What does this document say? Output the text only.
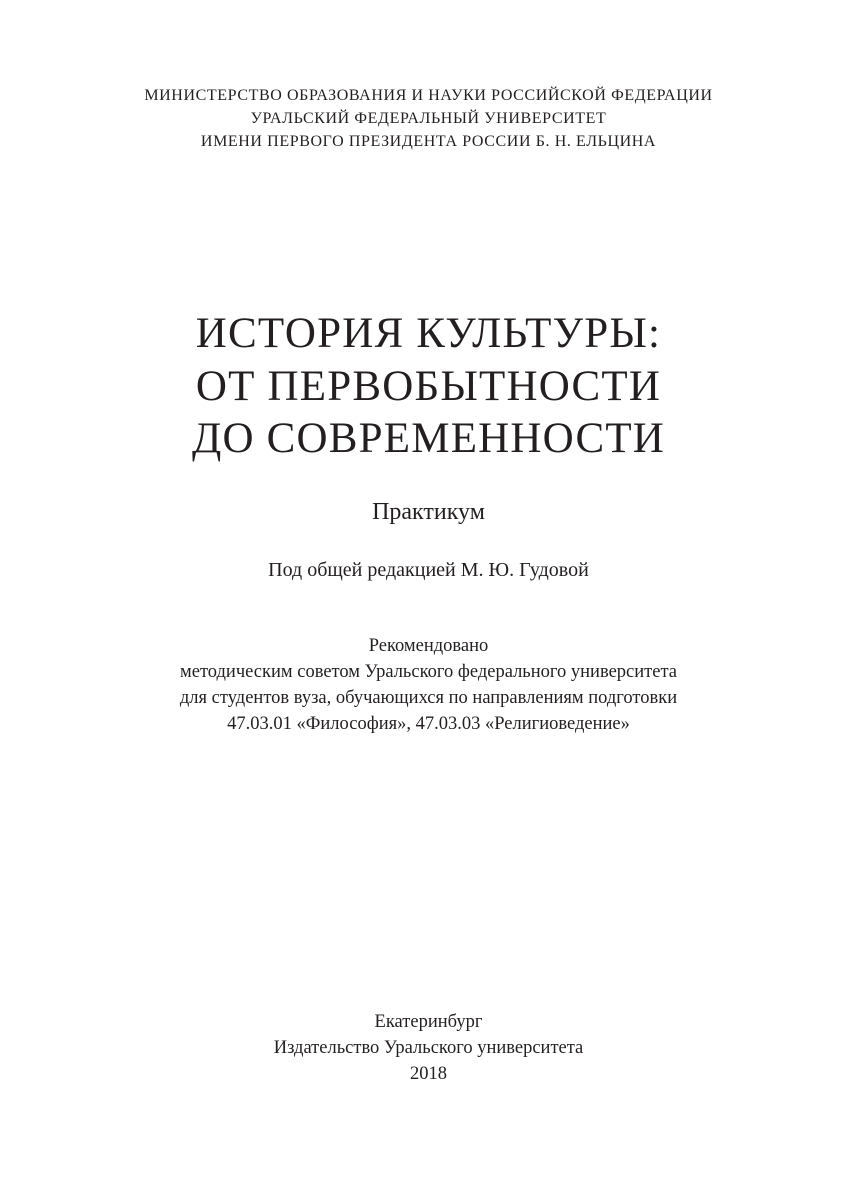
МИНИСТЕРСТВО ОБРАЗОВАНИЯ И НАУКИ РОССИЙСКОЙ ФЕДЕРАЦИИ
УРАЛЬСКИЙ ФЕДЕРАЛЬНЫЙ УНИВЕРСИТЕТ
ИМЕНИ ПЕРВОГО ПРЕЗИДЕНТА РОССИИ Б. Н. ЕЛЬЦИНА
ИСТОРИЯ КУЛЬТУРЫ:
ОТ ПЕРВОБЫТНОСТИ
ДО СОВРЕМЕННОСТИ
Практикум
Под общей редакцией М. Ю. Гудовой
Рекомендовано
методическим советом Уральского федерального университета
для студентов вуза, обучающихся по направлениям подготовки
47.03.01 «Философия», 47.03.03 «Религиоведение»
Екатеринбург
Издательство Уральского университета
2018
